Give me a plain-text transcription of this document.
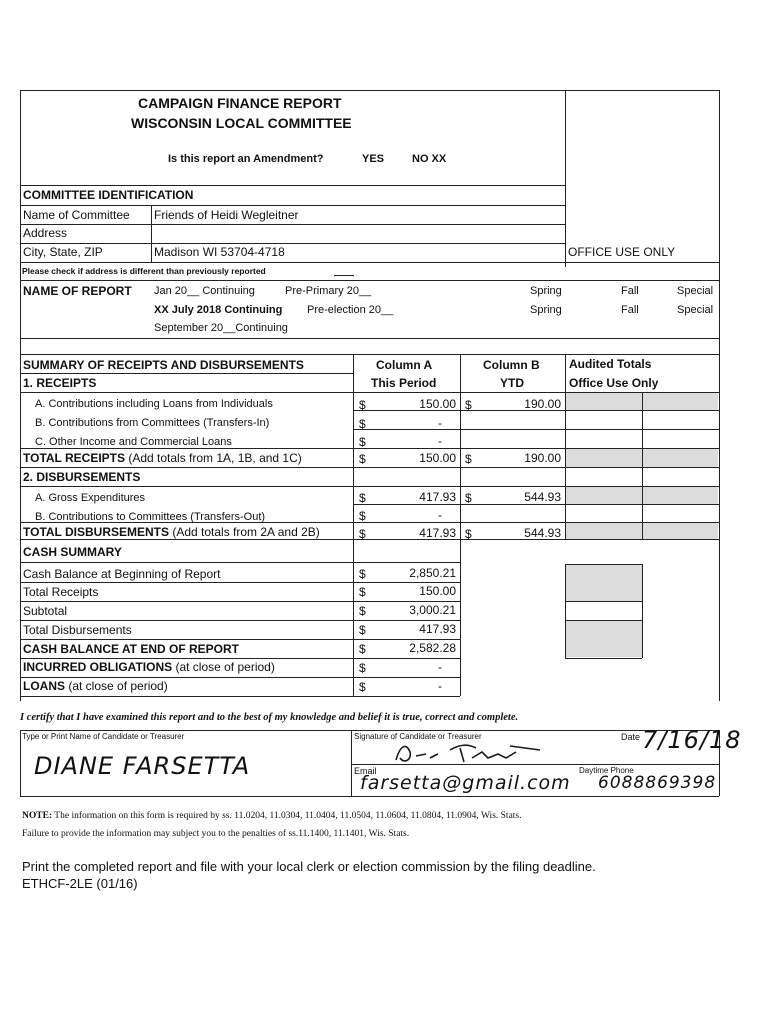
CAMPAIGN FINANCE REPORT
WISCONSIN LOCAL COMMITTEE
Is this report an Amendment?	YES	NO XX
COMMITTEE IDENTIFICATION
Name of Committee Friends of Heidi Wegleitner
Address
City, State, ZIP	Madison WI 53704-4718	OFFICE USE ONLY
Please check if address is different than previously reported
NAME OF REPORT Jan 20__ Continuing	Pre-Primary 20__	Spring	Fall	Special
XX July 2018 Continuing Pre-election 20__	Spring	Fall	Special
September 20__Continuing
SUMMARY OF RECEIPTS AND DISBURSEMENTS	Column A	Column B Audited Totals
1. RECEIPTS	This Period	YTD	Office Use Only
A. Contributions including Loans from Individuals	$	150.00 $	190.00
B. Contributions from Committees (Transfers-In)	$	-
C. Other Income and Commercial Loans	$	-
TOTAL RECEIPTS (Add totals from 1A, 1B, and 1C)	$	150.00 $	190.00
2. DISBURSEMENTS
A. Gross Expenditures	$	417.93 $	544.93
B. Contributions to Committees (Transfers-Out)	$	-
TOTAL DISBURSEMENTS (Add totals from 2A and 2B)	$	417.93 $	544.93
CASH SUMMARY
Cash Balance at Beginning of Report	$	2,850.21
Total Receipts	$	150.00
Subtotal	$	3,000.21
Total Disbursements	$	417.93
CASH BALANCE AT END OF REPORT	$	2,582.28
INCURRED OBLIGATIONS (at close of period)	$	-
LOANS (at close of period)	$	-
I certify that I have examined this report and to the best of my knowledge and belief it is true, correct and complete.
Type or Print Name of Candidate or Treasurer
DIANE FARSETTA
Signature of Candidate or Treasurer	Date 7/16/18
Email
farsetta@gmail.com
Daytime Phone
6088869398
NOTE: The information on this form is required by ss. 11.0204, 11.0304, 11.0404, 11.0504, 11.0604, 11.0804, 11.0904, Wis. Stats.
Failure to provide the information may subject you to the penalties of ss.11.1400, 11.1401, Wis. Stats.
Print the completed report and file with your local clerk or election commission by the filing deadline.
ETHCF-2LE (01/16)
